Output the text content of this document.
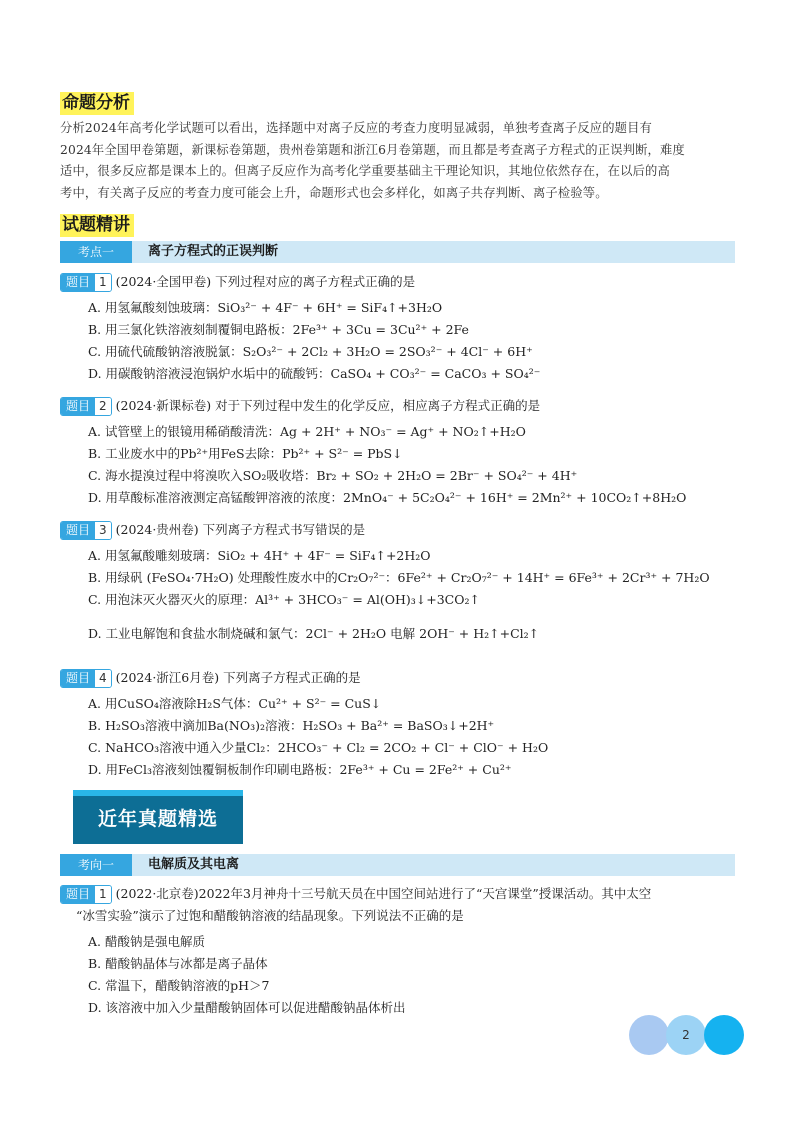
命题分析
分析2024年高考化学试题可以看出，选择题中对离子反应的考查力度明显减弱，单独考查离子反应的题目有
2024年全国甲卷第题，新课标卷第题，贵州卷第题和浙江6月卷第题，而且都是考查离子方程式的正误判断，难度
适中，很多反应都是课本上的。但离子反应作为高考化学重要基础主干理论知识，其地位依然存在，在以后的高
考中，有关离子反应的考查力度可能会上升，命题形式也会多样化，如离子共存判断、离子检验等。
试题精讲
考点一	离子方程式的正误判断
题目 1 (2024·全国甲卷) 下列过程对应的离子方程式正确的是
A. 用氢氟酸刻蚀玻璃：SiO₃²⁻ + 4F⁻ + 6H⁺ = SiF₄↑+3H₂O
B. 用三氯化铁溶液刻制覆铜电路板：2Fe³⁺ + 3Cu = 3Cu²⁺ + 2Fe
C. 用硫代硫酸钠溶液脱氯：S₂O₃²⁻ + 2Cl₂ + 3H₂O = 2SO₃²⁻ + 4Cl⁻ + 6H⁺
D. 用碳酸钠溶液浸泡锅炉水垢中的硫酸钙：CaSO₄ + CO₃²⁻ = CaCO₃ + SO₄²⁻
题目 2 (2024·新课标卷) 对于下列过程中发生的化学反应，相应离子方程式正确的是
A. 试管壁上的银镜用稀硝酸清洗：Ag + 2H⁺ + NO₃⁻ = Ag⁺ + NO₂↑+H₂O
B. 工业废水中的Pb²⁺用FeS去除：Pb²⁺ + S²⁻ = PbS↓
C. 海水提溴过程中将溴吹入SO₂吸收塔：Br₂ + SO₂ + 2H₂O = 2Br⁻ + SO₄²⁻ + 4H⁺
D. 用草酸标准溶液测定高锰酸钾溶液的浓度：2MnO₄⁻ + 5C₂O₄²⁻ + 16H⁺ = 2Mn²⁺ + 10CO₂↑+8H₂O
题目 3 (2024·贵州卷) 下列离子方程式书写错误的是
A. 用氢氟酸雕刻玻璃：SiO₂ + 4H⁺ + 4F⁻ = SiF₄↑+2H₂O
B. 用绿矾 (FeSO₄·7H₂O) 处理酸性废水中的Cr₂O₇²⁻：6Fe²⁺ + Cr₂O₇²⁻ + 14H⁺ = 6Fe³⁺ + 2Cr³⁺ + 7H₂O
C. 用泡沫灭火器灭火的原理：Al³⁺ + 3HCO₃⁻ = Al(OH)₃↓+3CO₂↑
D. 工业电解饱和食盐水制烧碱和氯气：2Cl⁻ + 2H₂O 电解 2OH⁻ + H₂↑+Cl₂↑
题目 4 (2024·浙江6月卷) 下列离子方程式正确的是
A. 用CuSO₄溶液除H₂S气体：Cu²⁺ + S²⁻ = CuS↓
B. H₂SO₃溶液中滴加Ba(NO₃)₂溶液：H₂SO₃ + Ba²⁺ = BaSO₃↓+2H⁺
C. NaHCO₃溶液中通入少量Cl₂：2HCO₃⁻ + Cl₂ = 2CO₂ + Cl⁻ + ClO⁻ + H₂O
D. 用FeCl₃溶液刻蚀覆铜板制作印刷电路板：2Fe³⁺ + Cu = 2Fe²⁺ + Cu²⁺
近年真题精选
考向一	电解质及其电离
题目 1 (2022·北京卷)2022年3月神舟十三号航天员在中国空间站进行了“天宫课堂”授课活动。其中太空
“冰雪实验”演示了过饱和醋酸钠溶液的结晶现象。下列说法不正确的是
A. 醋酸钠是强电解质
B. 醋酸钠晶体与冰都是离子晶体
C. 常温下，醋酸钠溶液的pH＞7
D. 该溶液中加入少量醋酸钠固体可以促进醋酸钠晶体析出
2
